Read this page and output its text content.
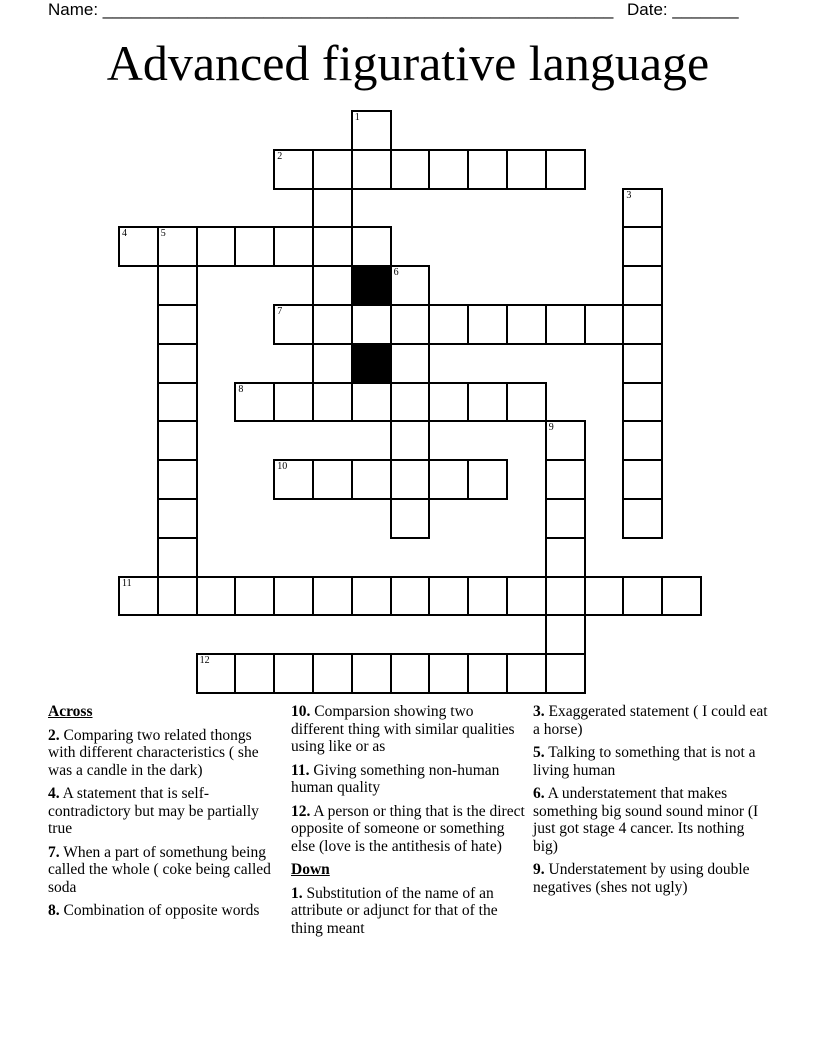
Name: ______________________________________________________ Date: _______
Advanced figurative language
1
2
3
4	5
6
7
8
9
10
11
12
Across
2. Comparing two related thongs with different characteristics ( she was a candle in the dark)
4. A statement that is self-contradictory but may be partially true
7. When a part of somethung being called the whole ( coke being called soda
8. Combination of opposite words
10. Comparsion showing two different thing with similar qualities using like or as
11. Giving something non-human human quality
12. A person or thing that is the direct opposite of someone or something else (love is the antithesis of hate)
Down
1. Substitution of the name of an attribute or adjunct for that of the thing meant
3. Exaggerated statement ( I could eat a horse)
5. Talking to something that is not a living human
6. A understatement that makes something big sound sound minor (I just got stage 4 cancer. Its nothing big)
9. Understatement by using double negatives (shes not ugly)
